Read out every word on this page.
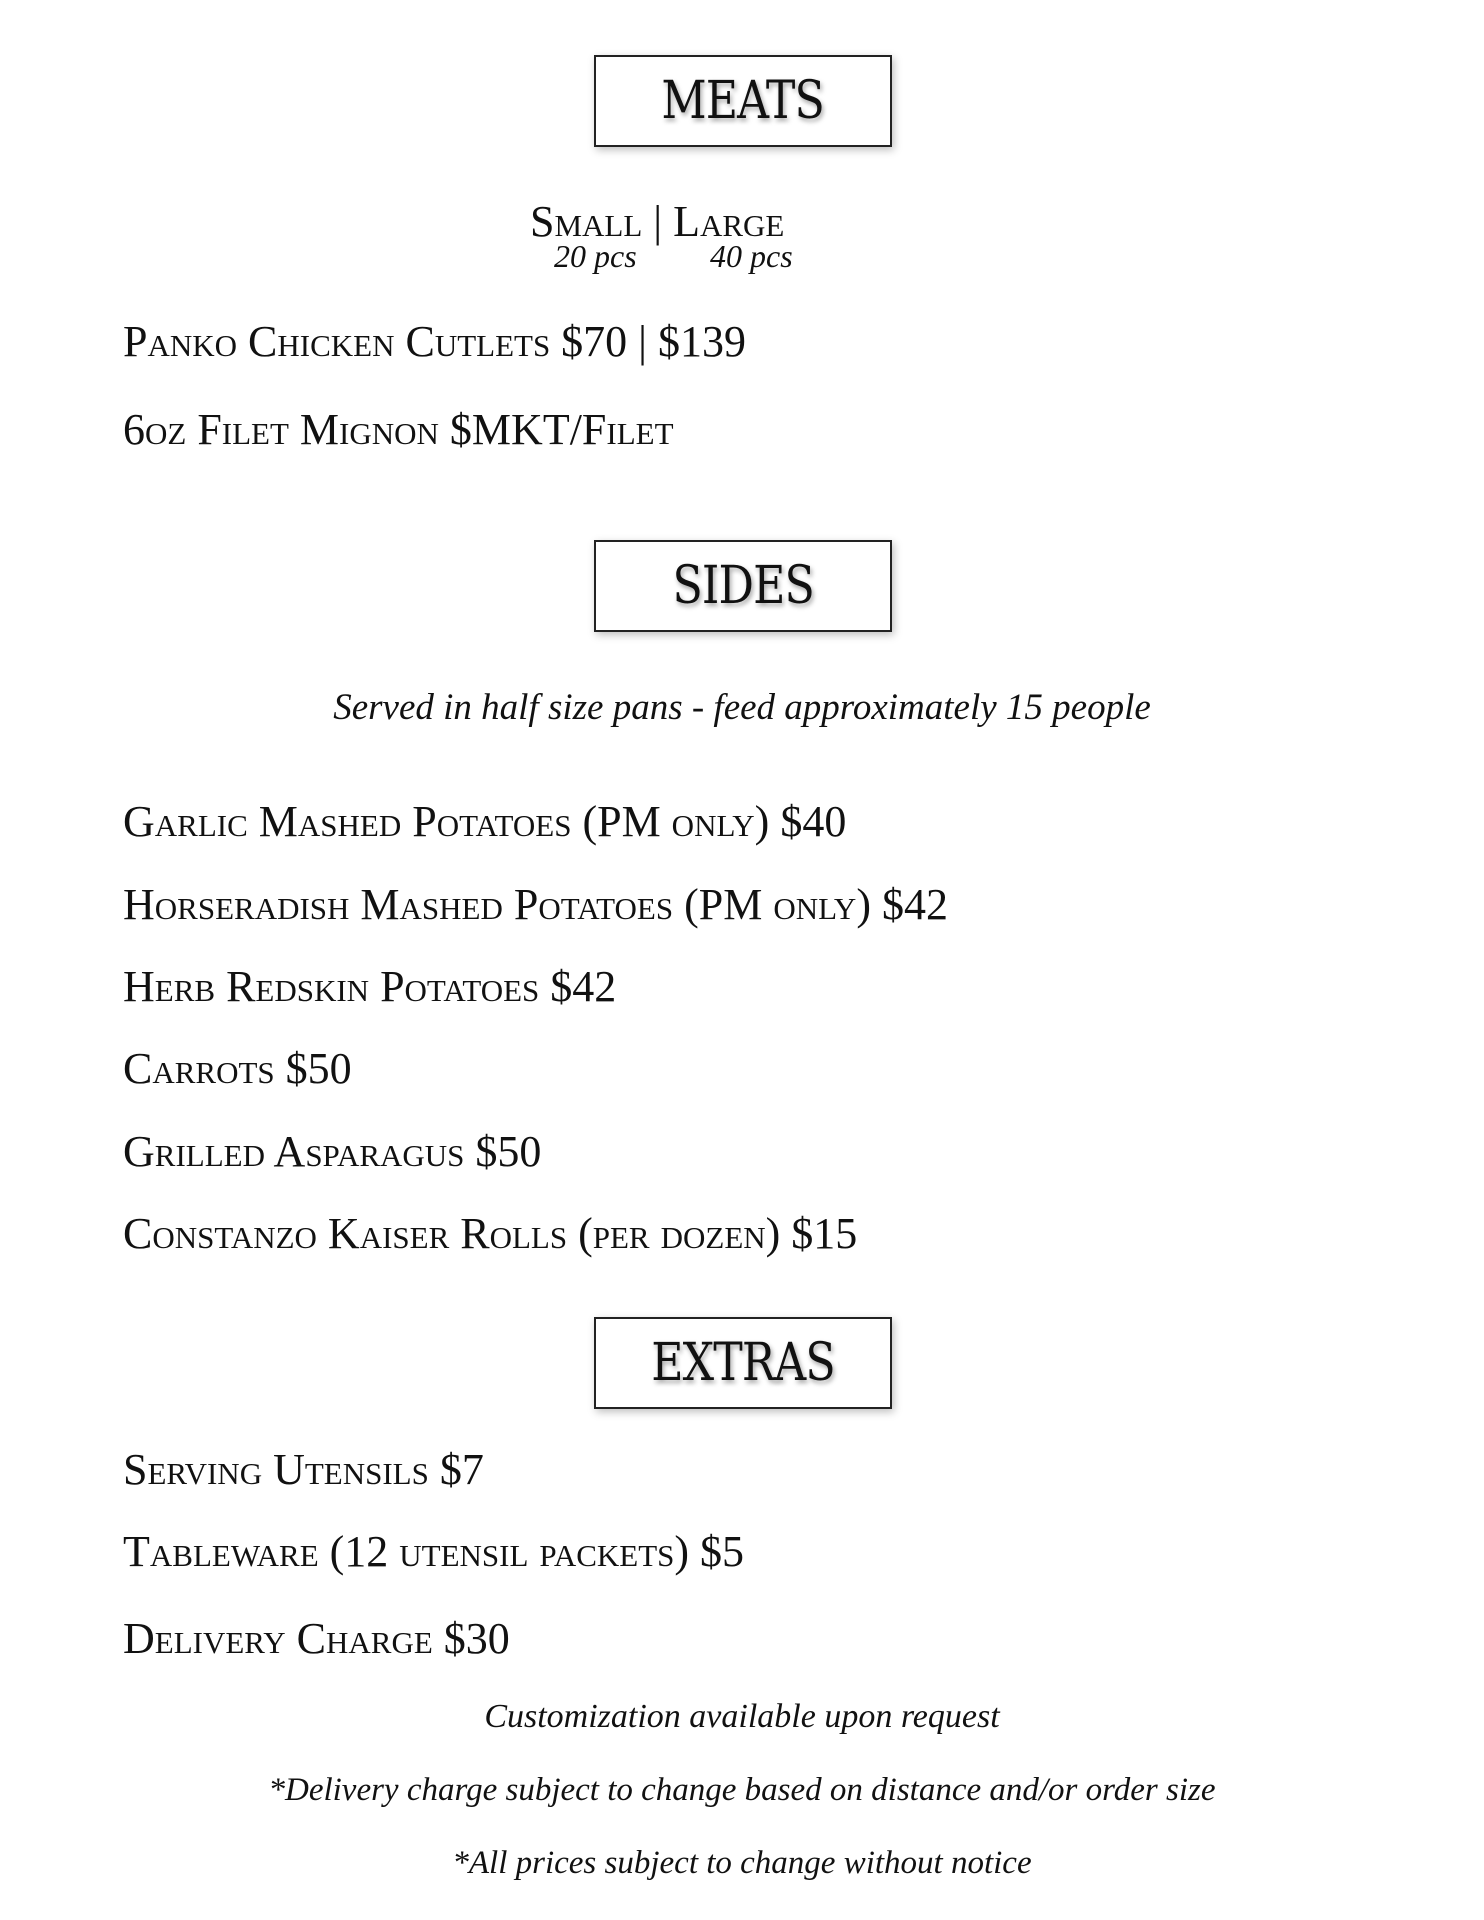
MEATS
Small | Large
20 pcs 40 pcs
Panko Chicken Cutlets $70 | $139
6oz Filet Mignon $MKT/Filet
SIDES
Served in half size pans - feed approximately 15 people
Garlic Mashed Potatoes (PM only) $40
Horseradish Mashed Potatoes (PM only) $42
Herb Redskin Potatoes $42
Carrots $50
Grilled Asparagus $50
Constanzo Kaiser Rolls (per dozen) $15
EXTRAS
Serving Utensils $7
Tableware (12 utensil packets) $5
Delivery Charge $30
Customization available upon request
*Delivery charge subject to change based on distance and/or order size
*All prices subject to change without notice
